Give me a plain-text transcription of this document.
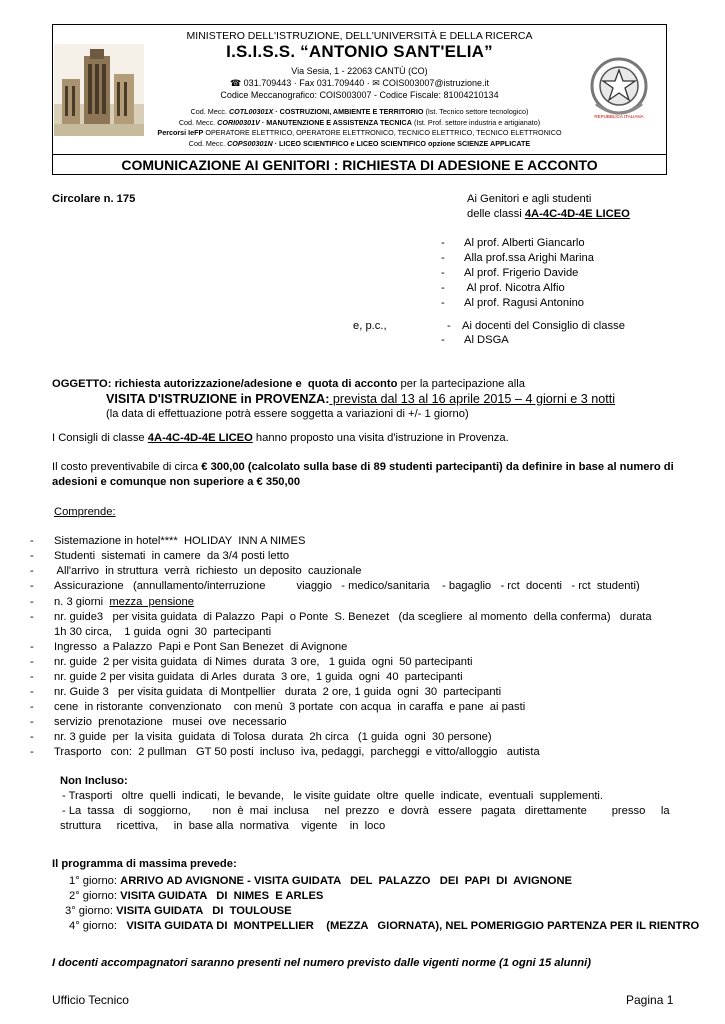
REPUBBLICA ITALIANA
MINISTERO DELL'ISTRUZIONE, DELL'UNIVERSITÀ E DELLA RICERCA
I.S.I.S.S. “ANTONIO SANT'ELIA”
Via Sesia, 1 - 22063 CANTÙ (CO)
☎ 031.709443 · Fax 031.709440 · ✉ COIS003007@istruzione.it
Codice Meccanografico: COIS003007 - Codice Fiscale: 81004210134
Cod. Mecc. COTL00301X · COSTRUZIONI, AMBIENTE E TERRITORIO (Ist. Tecnico settore tecnologico)
Cod. Mecc. CORI00301V · MANUTENZIONE E ASSISTENZA TECNICA (Ist. Prof. settore industria e artigianato)
Percorsi IeFP OPERATORE ELETTRICO, OPERATORE ELETTRONICO, TECNICO ELETTRICO, TECNICO ELETTRONICO
Cod. Mecc. COPS00301N · LICEO SCIENTIFICO e LICEO SCIENTIFICO opzione SCIENZE APPLICATE
COMUNICAZIONE AI GENITORI : RICHIESTA DI ADESIONE E ACCONTO
Circolare n. 175	Ai Genitori e agli studenti
delle classi 4A-4C-4D-4E LICEO
- Al prof. Alberti Giancarlo
- Alla prof.ssa Arighi Marina
- Al prof. Frigerio Davide
- Al prof. Nicotra Alfio
- Al prof. Ragusi Antonino
e, p.c.,	- Ai docenti del Consiglio di classe
- Al DSGA
OGGETTO: richiesta autorizzazione/adesione e  quota di acconto per la partecipazione alla
VISITA D'ISTRUZIONE in PROVENZA: prevista dal 13 al 16 aprile 2015 – 4 giorni e 3 notti
(la data di effettuazione potrà essere soggetta a variazioni di +/- 1 giorno)
I Consigli di classe 4A-4C-4D-4E LICEO hanno proposto una visita d'istruzione in Provenza.
Il costo preventivabile di circa € 300,00 (calcolato sulla base di 89 studenti partecipanti) da definire in base al numero di
adesioni e comunque non superiore a € 350,00
Comprende:
- Sistemazione in hotel****  HOLIDAY  INN A NIMES
- Studenti  sistemati  in camere  da 3/4 posti letto
- All'arrivo  in struttura  verrà  richiesto  un deposito  cauzionale
- Assicurazione   (annullamento/interruzione          viaggio   - medico/sanitaria    - bagaglio   - rct  docenti   - rct  studenti)
- n. 3 giorni  mezza  pensione
- nr. guide3   per visita guidata  di Palazzo  Papi  o Ponte  S. Benezet   (da sceglierе  al momento  della conferma)   durata
- Ingresso  a Palazzo  Papi e Pont San Benezet  di Avignone
- nr. guide  2 per visita guidata  di Nimes  durata  3 ore,   1 guida  ogni  50 partecipanti
- nr. guide 2 per visita guidata  di Arles  durata  3 ore,  1 guida  ogni  40  partecipanti
- nr. Guide 3   per visita guidata  di Montpellier   durata  2 ore, 1 guida  ogni  30  partecipanti
- cene  in ristorante  convenzionato    con menù  3 portate  con acqua  in caraffa  e pane  ai pasti
- servizio  prenotazione   musei  ove  necessario
- nr. 3 guide  per  la visita  guidata  di Tolosa  durata  2h circa   (1 guida  ogni  30 persone)
- Trasporto   con:  2 pullman   GT 50 posti  incluso  iva, pedaggi,  parcheggi  e vitto/alloggio   autista
1h 30 circa,    1 guida  ogni  30  partecipanti
Non Incluso:
- Trasporti   oltre  quelli  indicati,  le bevande,   le visite guidate  oltre  quelle  indicate,  eventuali  supplementi.
- La  tassa   di  soggiorno,       non  è  mai  inclusa     nel  prezzo   e  dovrà   essere   pagata   direttamente        presso     la
struttura     ricettiva,     in  base alla  normativa    vigente    in  loco
Il programma di massima prevede:
1° giorno: ARRIVO AD AVIGNONE - VISITA GUIDATA   DEL  PALAZZO   DEI  PAPI  DI  AVIGNONE
2° giorno: VISITA GUIDATA   DI  NIMES  E ARLES
3° giorno: VISITA GUIDATA   DI  TOULOUSE
4° giorno:   VISITA GUIDATA DI  MONTPELLIER    (MEZZA   GIORNATA), NEL POMERIGGIO PARTENZA PER IL RIENTRO
I docenti accompagnatori saranno presenti nel numero previsto dalle vigenti norme (1 ogni 15 alunni)
Ufficio Tecnico	Pagina 1
